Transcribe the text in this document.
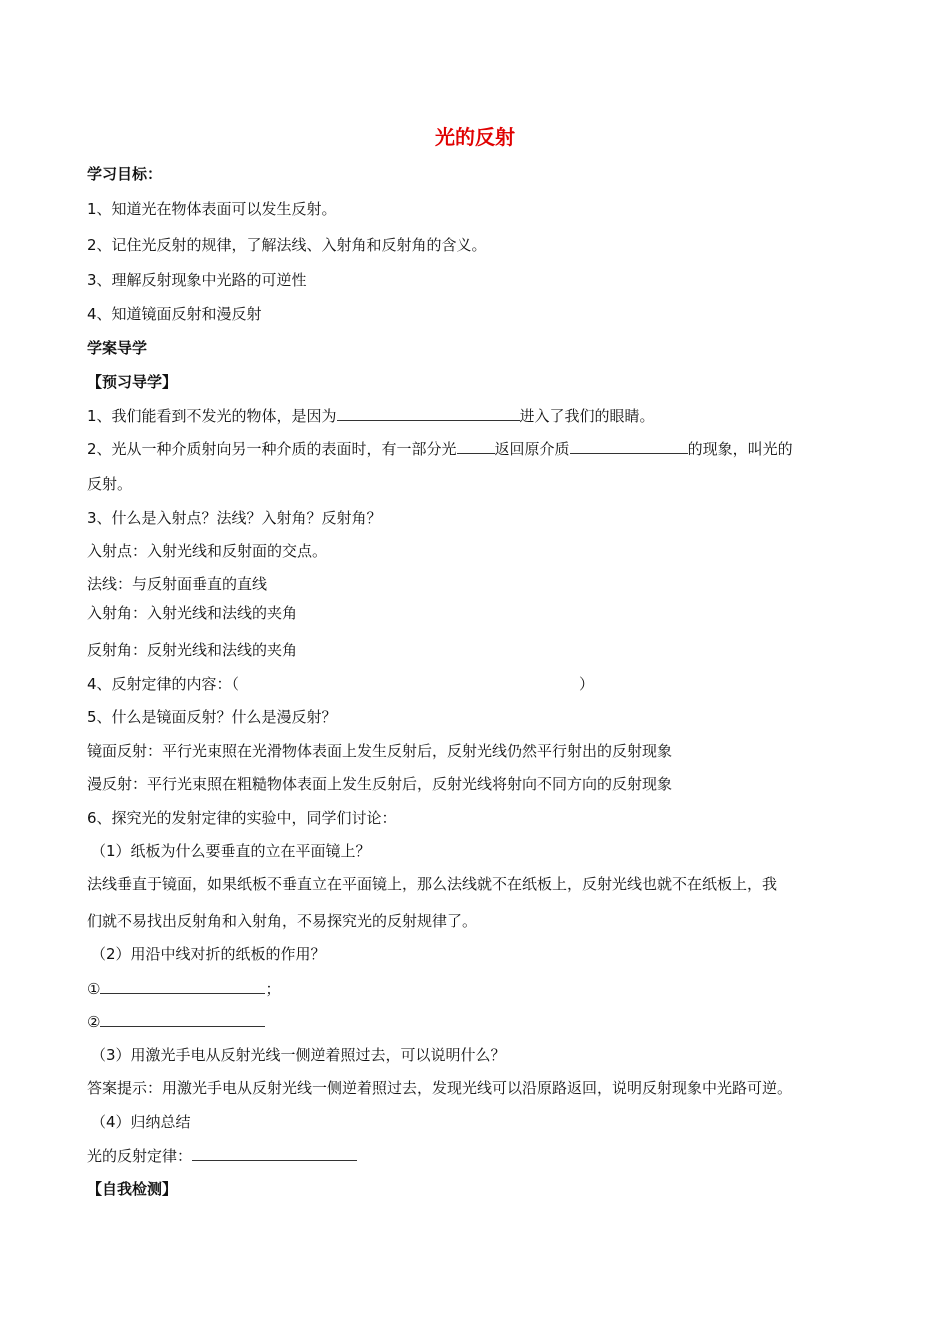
光的反射
学习目标：
1、知道光在物体表面可以发生反射。
2、记住光反射的规律，了解法线、入射角和反射角的含义。
3、理解反射现象中光路的可逆性
4、知道镜面反射和漫反射
学案导学
【预习导学】
1、我们能看到不发光的物体，是因为	进入了我们的眼睛。
2、光从一种介质射向另一种介质的表面时，有一部分光	返回原介质	的现象，叫光的
反射。
3、什么是入射点？法线？入射角？反射角？
入射点：入射光线和反射面的交点。
法线：与反射面垂直的直线
入射角：入射光线和法线的夹角
反射角：反射光线和法线的夹角
4、反射定律的内容：（	）
5、什么是镜面反射？什么是漫反射？
镜面反射：平行光束照在光滑物体表面上发生反射后，反射光线仍然平行射出的反射现象
漫反射：平行光束照在粗糙物体表面上发生反射后，反射光线将射向不同方向的反射现象
6、探究光的发射定律的实验中，同学们讨论：
（1）纸板为什么要垂直的立在平面镜上？
法线垂直于镜面，如果纸板不垂直立在平面镜上，那么法线就不在纸板上，反射光线也就不在纸板上，我
们就不易找出反射角和入射角，不易探究光的反射规律了。
（2）用沿中线对折的纸板的作用？
①	；
②
（3）用激光手电从反射光线一侧逆着照过去，可以说明什么？
答案提示：用激光手电从反射光线一侧逆着照过去，发现光线可以沿原路返回，说明反射现象中光路可逆。
（4）归纳总结
光的反射定律：
【自我检测】
